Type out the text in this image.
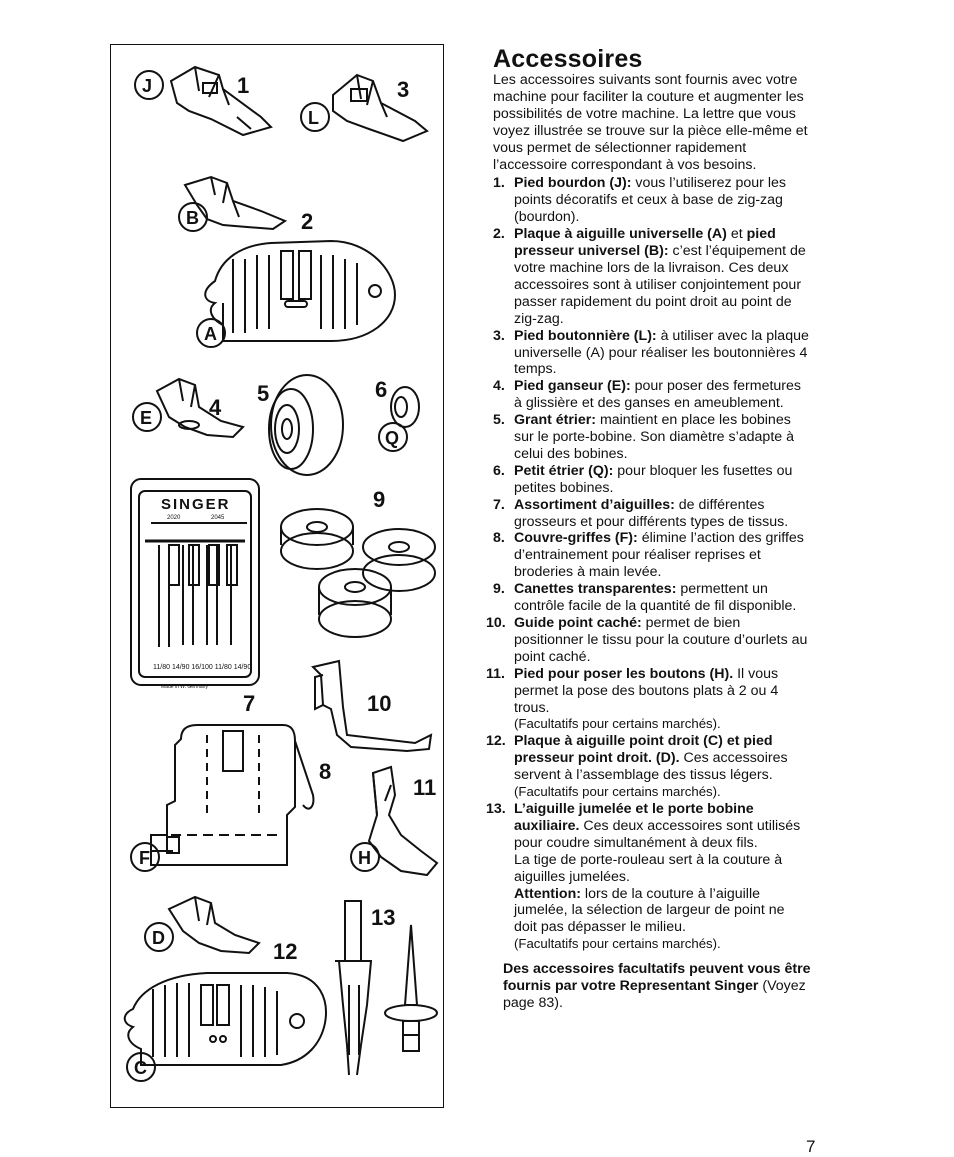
1
J	3
L
2
B
A
4
E
5	6
Q
SINGER
2020	2045
11/80 14/90 16/100 11/80 14/90
Made in W. Germany
7
9
10
8
F
11
H
12
D
C
13
Accessoires

Les accessoires suivants sont fournis avec votre machine pour faciliter la couture et augmenter les possibilités de votre machine. La lettre que vous voyez illustrée se trouve sur la pièce elle-même et vous permet de sélectionner rapidement l’accessoire correspondant à vos besoins.

1. Pied bourdon (J): vous l’utiliserez pour les points décoratifs et ceux à base de zig-zag (bourdon).
2. Plaque à aiguille universelle (A) et pied presseur universel (B): c’est l’équipement de votre machine lors de la livraison. Ces deux accessoires sont à utiliser conjointement pour passer rapidement du point droit au point de zig-zag.
3. Pied boutonnière (L): à utiliser avec la plaque universelle (A) pour réaliser les boutonnières 4 temps.
4. Pied ganseur (E): pour poser des fermetures à glissière et des ganses en ameublement.
5. Grant étrier: maintient en place les bobines sur le porte-bobine. Son diamètre s’adapte à celui des bobines.
6. Petit étrier (Q): pour bloquer les fusettes ou petites bobines.
7. Assortiment d’aiguilles: de différentes grosseurs et pour différents types de tissus.
8. Couvre-griffes (F): élimine l’action des griffes d’entrainement pour réaliser reprises et broderies à main levée.
9. Canettes transparentes: permettent un contrôle facile de la quantité de fil disponible.
10. Guide point caché: permet de bien positionner le tissu pour la couture d’ourlets au point caché.
11. Pied pour poser les boutons (H). Il vous permet la pose des boutons plats à 2 ou 4 trous.
(Facultatifs pour certains marchés).
12. Plaque à aiguille point droit (C) et pied presseur point droit. (D). Ces accessoires servent à l’assemblage des tissus légers.
(Facultatifs pour certains marchés).
13. L’aiguille jumelée et le porte bobine auxiliaire. Ces deux accessoires sont utilisés pour coudre simultanément à deux fils.
La tige de porte-rouleau sert à la couture à aiguilles jumelées.
Attention: lors de la couture à l’aiguille jumelée, la sélection de largeur de point ne doit pas dépasser le milieu.
(Facultatifs pour certains marchés).
Des accessoires facultatifs peuvent vous être fournis par votre Representant Singer (Voyez page 83).
7
